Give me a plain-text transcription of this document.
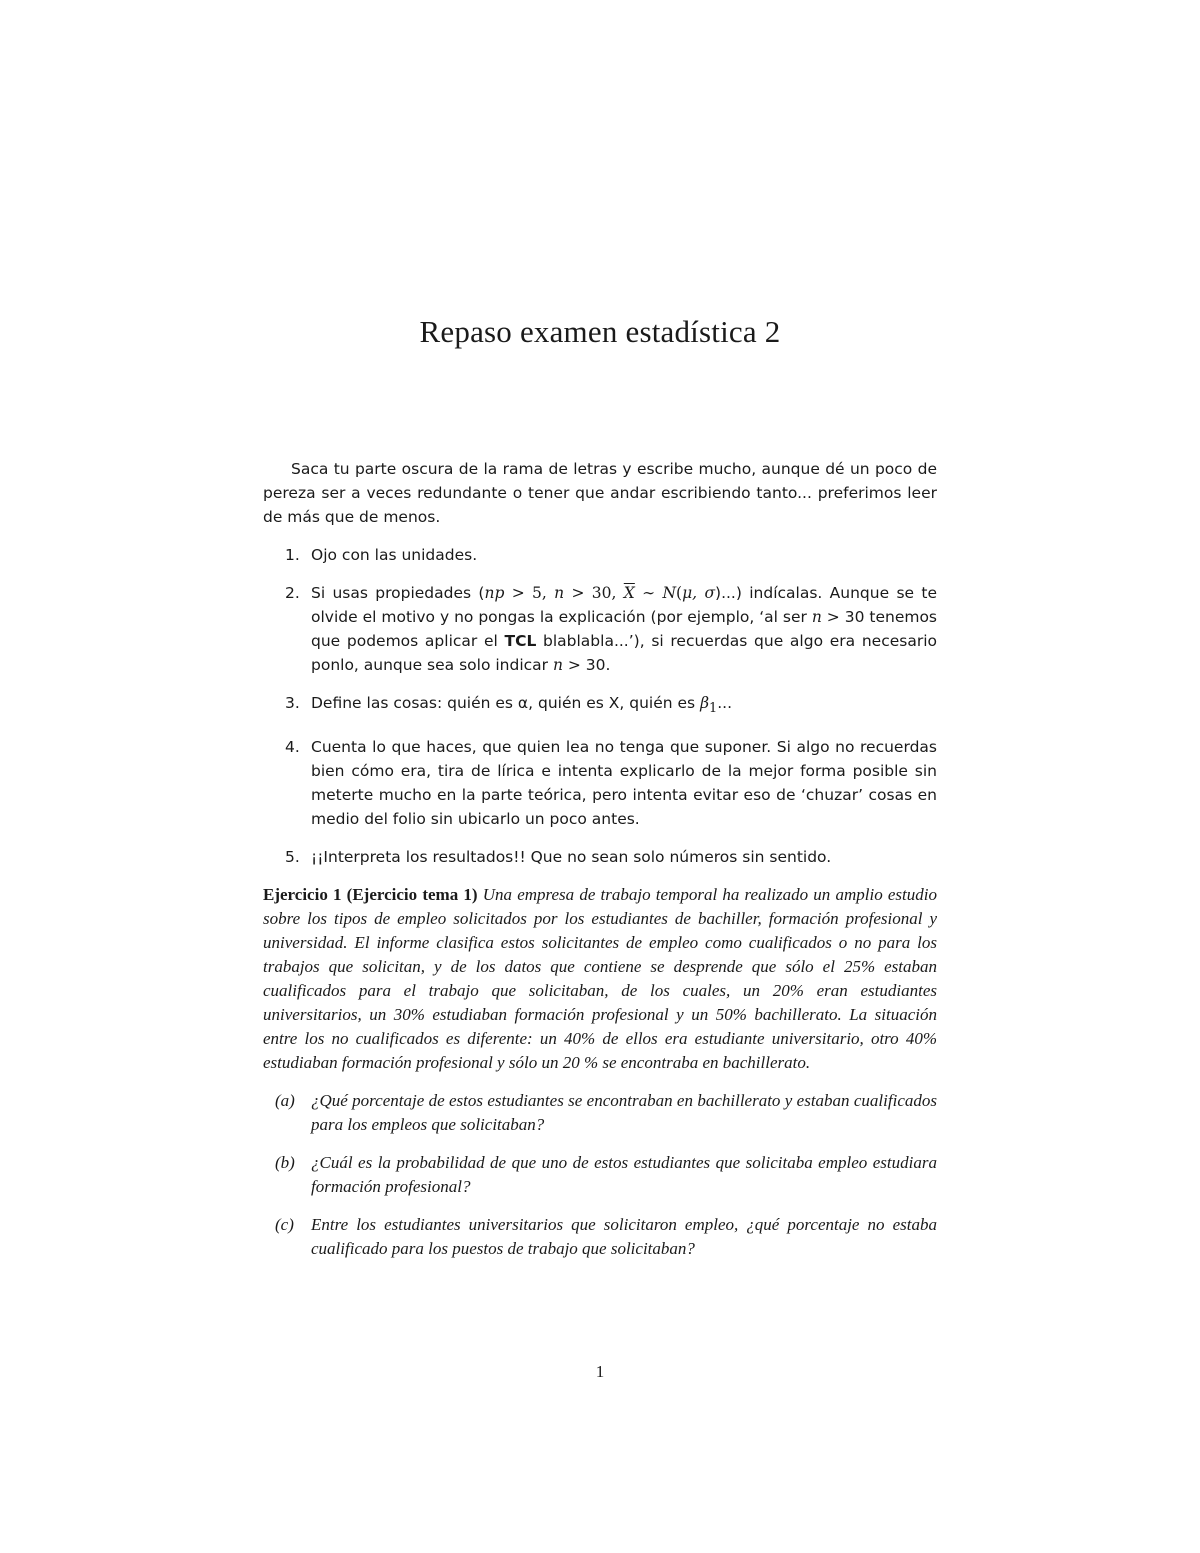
Repaso examen estadística 2

Saca tu parte oscura de la rama de letras y escribe mucho, aunque dé un poco de pereza ser a veces redundante o tener que andar escribiendo tanto... preferimos leer de más que de menos.

1. Ojo con las unidades.
2. Si usas propiedades (np > 5, n > 30, $\overline{X}$ ∼ N(μ, σ)...) indícalas. Aunque se te olvide el motivo y no pongas la explicación (por ejemplo, ‘al ser n > 30 tenemos que podemos aplicar el TCL blablabla...’), si recuerdas que algo era necesario ponlo, aunque sea solo indicar n > 30.
3. Define las cosas: quién es α, quién es X, quién es $\beta_1$...
4. Cuenta lo que haces, que quien lea no tenga que suponer. Si algo no recuerdas bien cómo era, tira de lírica e intenta explicarlo de la mejor forma posible sin meterte mucho en la parte teórica, pero intenta evitar eso de ‘chuzar’ cosas en medio del folio sin ubicarlo un poco antes.
5. ¡¡Interpreta los resultados!! Que no sean solo números sin sentido.

Ejercicio 1 (Ejercicio tema 1) Una empresa de trabajo temporal ha realizado un amplio estudio sobre los tipos de empleo solicitados por los estudiantes de bachiller, formación profesional y universidad. El informe clasifica estos solicitantes de empleo como cualificados o no para los trabajos que solicitan, y de los datos que contiene se desprende que sólo el 25% estaban cualificados para el trabajo que solicitaban, de los cuales, un 20% eran estudiantes universitarios, un 30% estudiaban formación profesional y un 50% bachillerato. La situación entre los no cualificados es diferente: un 40% de ellos era estudiante universitario, otro 40% estudiaban formación profesional y sólo un 20 % se encontraba en bachillerato.

(a) ¿Qué porcentaje de estos estudiantes se encontraban en bachillerato y estaban cualificados para los empleos que solicitaban?
(b) ¿Cuál es la probabilidad de que uno de estos estudiantes que solicitaba empleo estudiara formación profesional?
(c) Entre los estudiantes universitarios que solicitaron empleo, ¿qué porcentaje no estaba cualificado para los puestos de trabajo que solicitaban?
1
